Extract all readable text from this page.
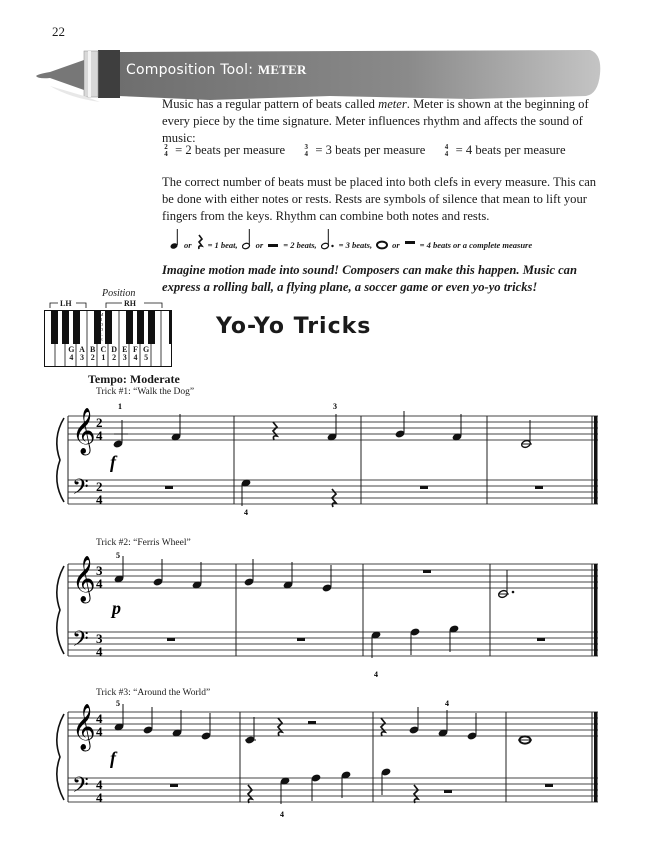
22
Composition Tool: METER
Music has a regular pattern of beats called meter. Meter is shown at the beginning of every piece by the time signature. Meter influences rhythm and affects the sound of music:
2
4 = 2 beats per measure	3
4 = 3 beats per measure	4
4 = 4 beats per measure
The correct number of beats must be placed into both clefs in every measure. This can be done with either notes or rests. Rests are symbols of silence that mean to lift your fingers from the keys. Rhythm can combine both notes and rests.
or = 1 beat, or = 2 beats,	= 3 beats, or = 4 beats or a complete measure
Imagine motion made into sound! Composers can make this happen. Music can express a rolling ball, a flying plane, a soccer game or even yo-yo tricks!
Position
LH	RH
MIDDLE
G
4
A
3
B
2
C
1
D
2
E
3
F
4
G
5
Yo-Yo Tricks
Tempo: Moderate
Trick #1: “Walk the Dog”
𝄞
𝄢
2
4
2
4
1	3
4
f
Trick #2: “Ferris Wheel”
𝄞
𝄢
3
4
3
4
5
4
p
Trick #3: “Around the World”
𝄞
𝄢
4
4
4
4
5	4
4
f
